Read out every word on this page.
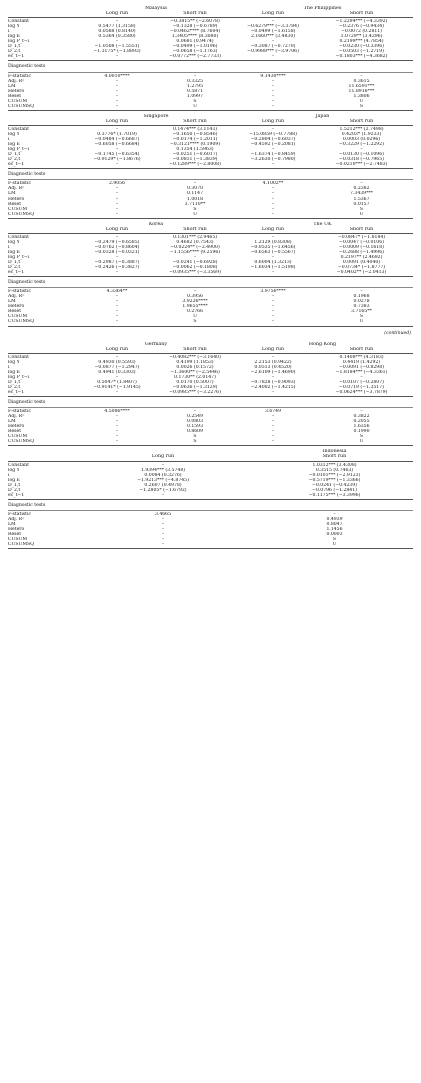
Malaysia	The Philippines
Long run	Short run	Long run	Short run
Constant	–	−0.3815** (−2.6078)	–	−1.2294*** (−4.3392)
log Y	0.5477 (1.3158)	−0.1328 (−0.6789)	−0.6279*** (−3.3784)	−0.2376 (−0.9434)
i	0.0588 (0.8140)	−0.0462**** (8.7604)	−0.0499 (−1.6158)	−0.0072 (0.2811)
log E	0.5364 (0.3580)	1.3405**** (8.3080)	2.1660*** (3.4830)	1.0729** (3.4296)
log P_t−i	–	0.0681 (0.9474)	–	0.2199*** (4.7854)
D_1,t	−1.0508 (−1.5551)	−0.0499 (−1.0196)	−0.3087 (−0.7270)	−0.0230 (−0.3396)
D_2,t	−1.3175* (−1.8893)	−0.0658 (−1.1763)	−0.9988*** (−3.9706)	−0.0503 (−1.2719)
ec_t−1	–	−0.0772*** (−2.7733)	–	−0.1803*** (−4.3682)
Diagnostic tests
F-statistic	4.0010****	–	9.1430****	–
Adj. R²	–	0.3325	–	0.3615
LM	–	1.2795	–	11.6591***
Hetero	–	0.5871	–	11.8916***
Reset	–	1.0997	–	1.3806
CUSUM	–	S	–	U
CUSUMSQ	–	U	–	S
Singapore	Japan
Long run	Short run	Long run	Short run
Constant	–	0.1474*** (3.1143)	–	1.5212*** (2.7498)
log Y	0.3776* (1.7019)	−0.1650 (−0.8546)	−15.0859 (−0.7788)	0.4203* (1.9233)
i	−0.0484 (−0.6687)	−0.0174 (−1.2011)	−0.2804 (−0.6037)	0.0003 (0.0296)
log E	−0.6058 (−0.6684)	−0.3121**** (0.1909)	−0.4592 (−0.2081)	−0.3229 (−1.2292)
log P_t−i	–	0.1354 (1.5963)	–	–
D_1,t	−0.1745 (−0.6354)	−0.0251 (−0.6017)	−1.6374 (−0.8459)	−0.0130 (−0.1096)
D_2,t	−0.9129* (−1.8676)	−0.0811 (−1.3839)	−3.2630 (−0.7980)	−0.0318 (−0.7965)
ec_t−1	–	−0.1289*** (−2.8008)	–	−0.0210*** (−2.7483)
Diagnostic tests
F-statistic	2.9056	–	4.1002**	–
Adj. R²	–	0.3070	–	0.2382
LM	–	0.1147	–	7.3439***
Hetero	–	1.0018	–	1.5367
Reset	–	3.7110**	–	0.0157
CUSUM	–	S	–	S
CUSUMSQ	–	U	–	U
Korea	The UK
Long run	Short run	Long run	Short run
Constant	–	0.1301*** (2.9465)	–	−0.0847* (−1.8184)
log Y	−0.2479 (−0.6585)	0.4682 (0.7543)	1.2129 (0.8308)	−0.0047 (−0.0106)
i	−0.0762 (−0.8604)	−0.0224** (−2.4900)	−0.0535 (−1.6456)	−0.0009 (−0.1618)
log E	−0.0328 (−0.0321)	−1.1556**** (9.2596)	−0.6563 (−0.5567)	−0.2688 (−1.4996)
log P_t−i	–	–	–	0.2197** (2.4692)
D_1,t	−0.2987 (−0.3887)	−0.0241 (−0.6928)	0.6004 (1.3213)	0.0091 (0.4040)
D_2,t	−0.2426 (−0.3827)	−0.0062 (−0.1808)	−1.6034 (−1.5198)	−0.0734* (−1.8777)
ec_t−1	–	−0.0935*** (−3.3569)	–	−0.0402** (−2.0413)
Diagnostic tests
F-statistic	4.3364**	–	3.9756****	–
Adj. R²	–	0.3956	–	0.1968
LM	–	3.9226****	–	0.0278
Hetero	–	1.9655****	–	0.7383
Reset	–	0.2766	–	3.7165**
CUSUM	–	U	–	S
CUSUMSQ	–	S	–	U
(continued)
Germany	Hong Kong
Long run	Short run	Long run	Short run
Constant	–	−0.4082*** (−3.1640)	–	0.1408*** (4.3183)
log Y	0.4930 (0.5593)	0.4199 (1.1853)	2.2153 (0.9422)	0.4419 (1.4292)
i	−0.0877 (−1.2947)	0.0026 (0.1572)	0.0513 (0.4520)	−0.0091 (−0.8298)
log E	0.4941 (0.3303)	−1.3600** (−2.5446)	−2.6109 (−1.4690)	−1.8184*** (−4.3361)
log P_t−i	–	0.1730** (2.0147)	–	–
D_1,t	0.5047* (1.8407)	0.0170 (0.5007)	−0.7828 (−0.9093)	−0.0107 (−0.2807)
D_2,t	−0.9141* (−1.9145)	−0.0636 (−1.3129)	−2.4002 (−1.4215)	−0.0719 (−1.3517)
ec_t−1	–	−0.0985*** (−3.2276)	–	−0.0624*** (−3.7879)
Diagnostic tests
F-statistic	4.5086****	–	3.6749	–
Adj. R²	–	0.2549	–	0.3822
LM	–	0.0803	–	0.2055
Hetero	–	0.1593	–	1.6356
Reset	–	0.8609	–	0.1990
CUSUM	–	S	–	S
CUSUMSQ	–	S	–	U
Indonesia
Long run	Short run
Constant	–	1.0312*** (3.4308)
log Y	1.9394*** (3.5748)	0.3515 (0.7463)
i	0.0084 (0.3276)	−0.0101*** (−2.9123)
log E	−1.9213*** (−4.8745)	−0.5719*** (−1.3366)
D_1,t	0.2607 (0.4978)	−0.0241 (−0.4239)
D_2,t	−1.2805* (−1.6792)	−0.0796 (−1.2841)
ec_t−1	–	−0.1175*** (−3.3996)
Diagnostic tests
F-statistic	3.4665	–
Adj. R²	–	0.4939
LM	–	0.8047
Hetero	–	1.1456
Reset	–	0.0003
CUSUM	–	S
CUSUMSQ	–	U
